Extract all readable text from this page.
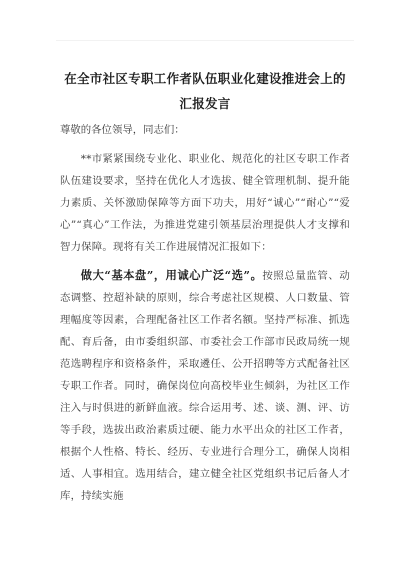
在全市社区专职工作者队伍职业化建设推进会上的汇报发言

尊敬的各位领导，同志们：

**市紧紧围绕专业化、职业化、规范化的社区专职工作者队伍建设要求，坚持在优化人才选拔、健全管理机制、提升能力素质、关怀激励保障等方面下功夫，用好“诚心”“耐心”“爱心”“真心”工作法，为推进党建引领基层治理提供人才支撑和智力保障。现将有关工作进展情况汇报如下：

做大“基本盘”，用诚心广泛“选”。按照总量监管、动态调整、控超补缺的原则，综合考虑社区规模、人口数量、管理幅度等因素，合理配备社区工作者名额。坚持严标准、抓选配、育后备，由市委组织部、市委社会工作部市民政局统一规范选聘程序和资格条件，采取遴任、公开招聘等方式配备社区专职工作者。同时，确保岗位向高校毕业生倾斜，为社区工作注入与时俱进的新鲜血液。综合运用考、述、谈、测、评、访等手段，选拔出政治素质过硬、能力水平出众的社区工作者，根据个人性格、特长、经历、专业进行合理分工，确保人岗相适、人事相宜。选用结合，建立健全社区党组织书记后备人才库，持续实施
